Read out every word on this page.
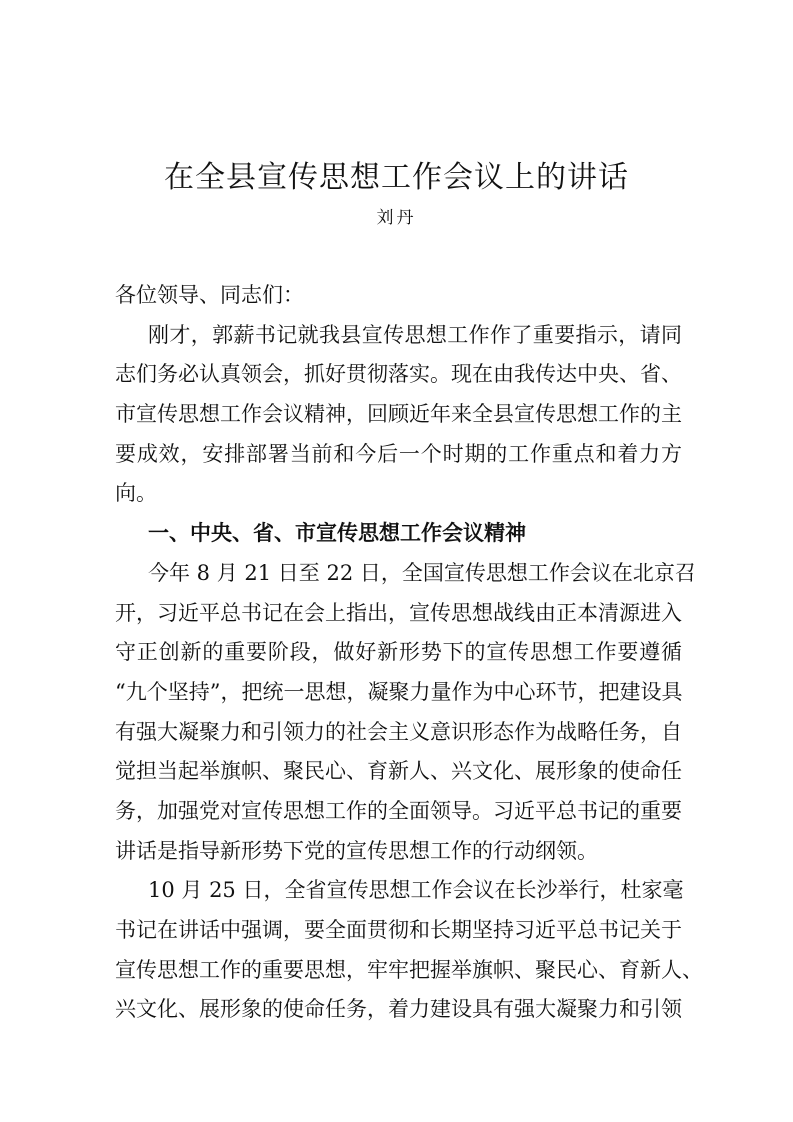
在全县宣传思想工作会议上的讲话
刘丹
各位领导、同志们：
刚才，郭薪书记就我县宣传思想工作作了重要指示，请同
志们务必认真领会，抓好贯彻落实。现在由我传达中央、省、
市宣传思想工作会议精神，回顾近年来全县宣传思想工作的主
要成效，安排部署当前和今后一个时期的工作重点和着力方
向。
一、中央、省、市宣传思想工作会议精神
今年 8 月 21 日至 22 日，全国宣传思想工作会议在北京召
开，习近平总书记在会上指出，宣传思想战线由正本清源进入
守正创新的重要阶段，做好新形势下的宣传思想工作要遵循
“九个坚持”，把统一思想，凝聚力量作为中心环节，把建设具
有强大凝聚力和引领力的社会主义意识形态作为战略任务，自
觉担当起举旗帜、聚民心、育新人、兴文化、展形象的使命任
务，加强党对宣传思想工作的全面领导。习近平总书记的重要
讲话是指导新形势下党的宣传思想工作的行动纲领。
10 月 25 日，全省宣传思想工作会议在长沙举行，杜家毫
书记在讲话中强调，要全面贯彻和长期坚持习近平总书记关于
宣传思想工作的重要思想，牢牢把握举旗帜、聚民心、育新人、
兴文化、展形象的使命任务，着力建设具有强大凝聚力和引领
